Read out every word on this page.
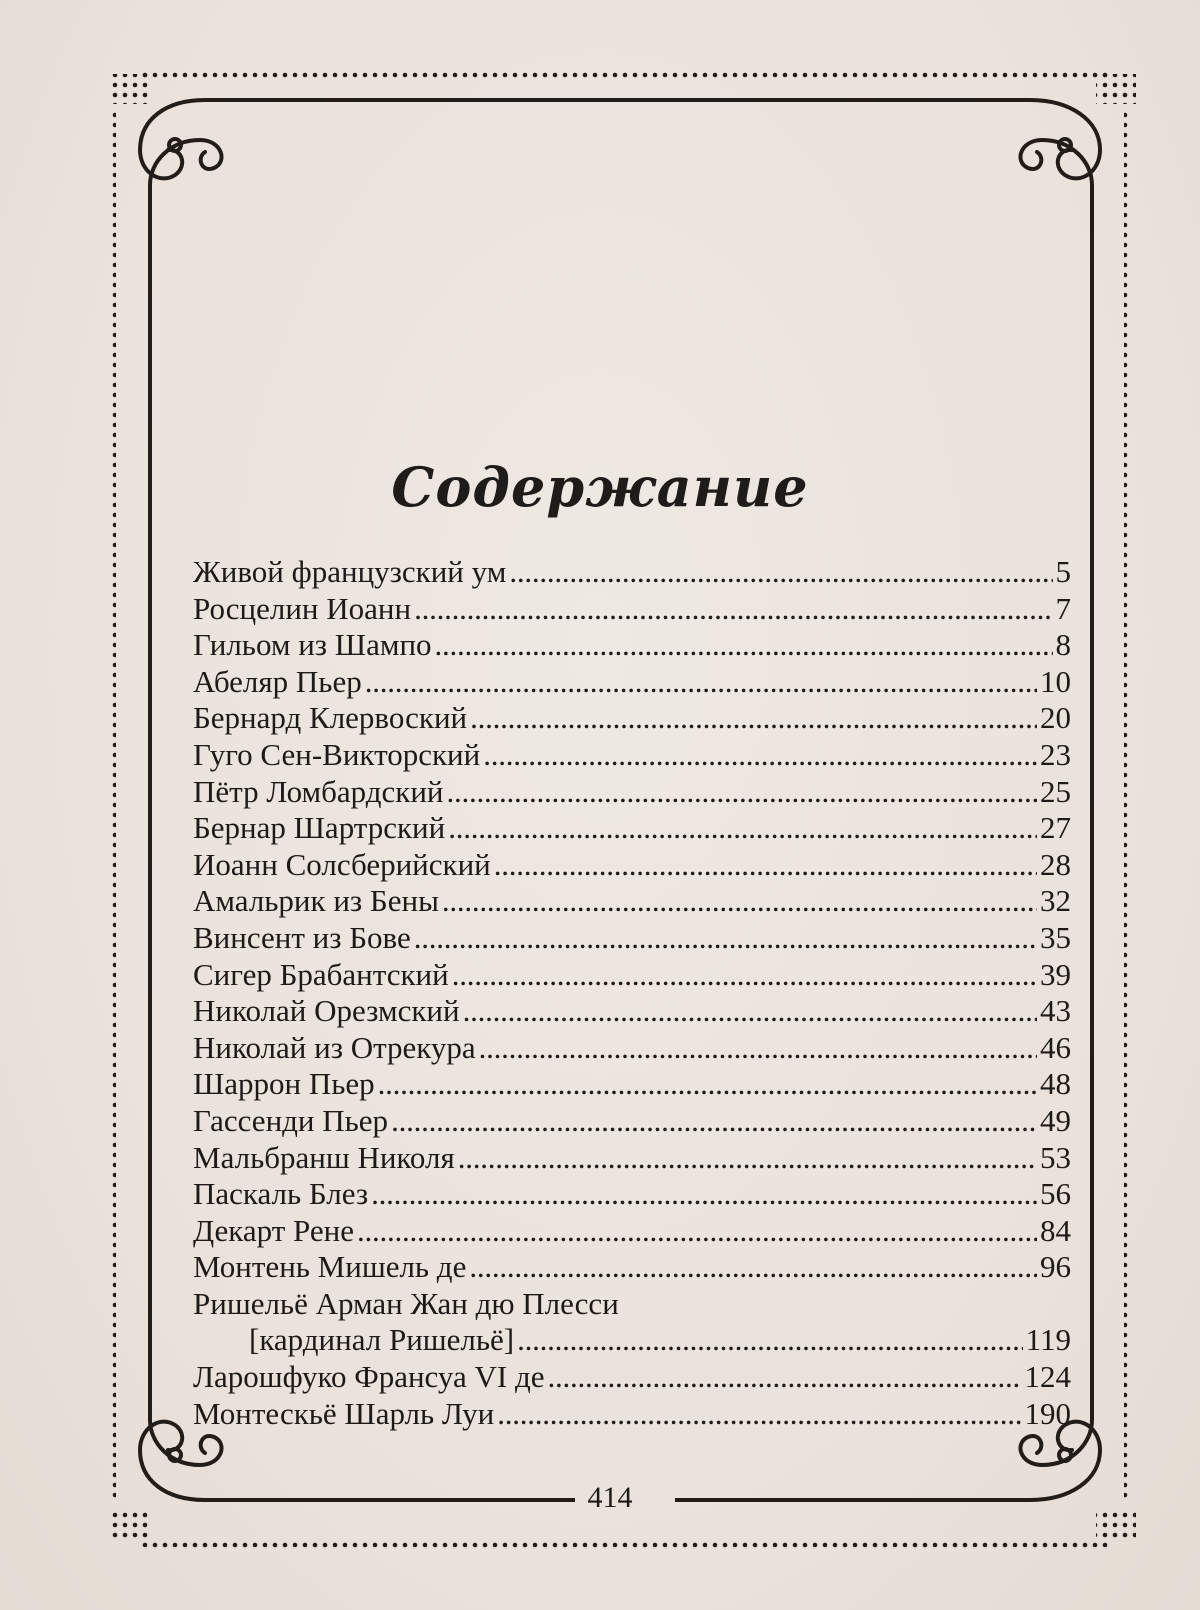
Содержание
Живой французский ум . . .	5
Росцелин Иоанн . . .	7
Гильом из Шампо . . .	8
Абеляр Пьер . . .	10
Бернард Клервоский . . .	20
Гуго Сен-Викторский . . .	23
Пётр Ломбардский . . .	25
Бернар Шартрский . . .	27
Иоанн Солсберийский . . .	28
Амальрик из Бены . . .	32
Винсент из Бове . . .	35
Сигер Брабантский . . .	39
Николай Орезмский . . .	43
Николай из Отрекура . . .	46
Шаррон Пьер . . .	48
Гассенди Пьер . . .	49
Мальбранш Николя . . .	53
Паскаль Блез . . .	56
Декарт Рене . . .	84
Монтень Мишель де . . .	96
Ришельё Арман Жан дю Плесси
[кардинал Ришельё] . . .	119
Ларошфуко Франсуа VI де . . .	124
Монтескьё Шарль Луи . . .	190
414
